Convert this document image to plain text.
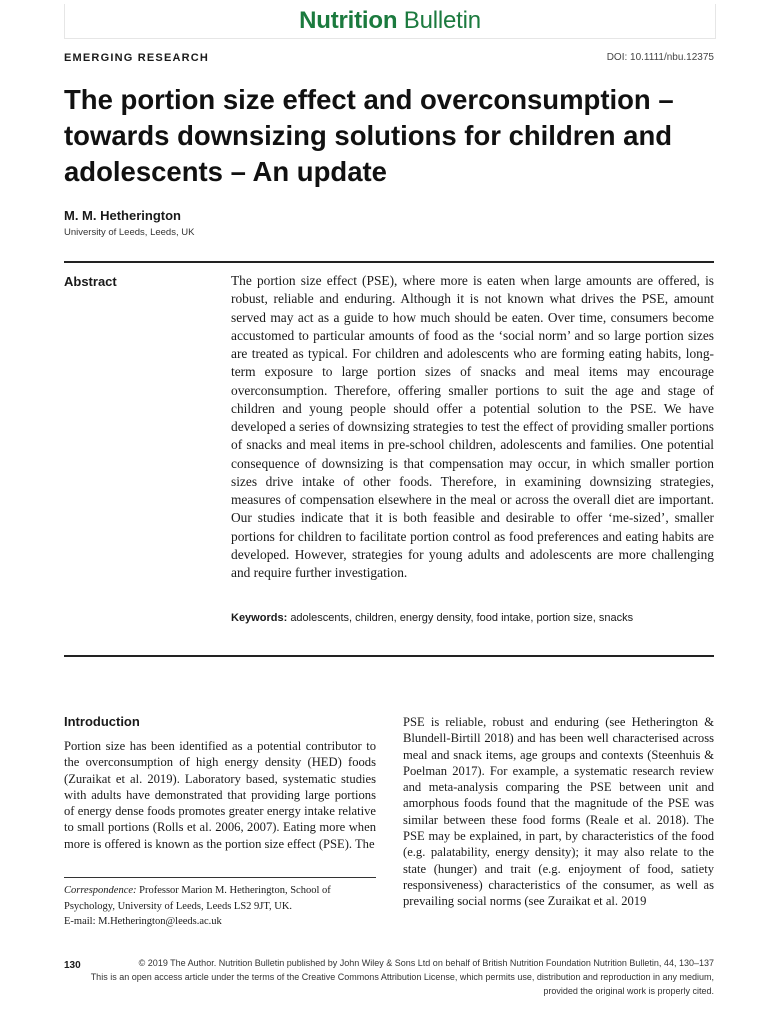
Nutrition Bulletin
EMERGING RESEARCH	DOI: 10.1111/nbu.12375
The portion size effect and overconsumption – towards downsizing solutions for children and adolescents – An update
M. M. Hetherington
University of Leeds, Leeds, UK
Abstract	The portion size effect (PSE), where more is eaten when large amounts are offered, is robust, reliable and enduring. Although it is not known what drives the PSE, amount served may act as a guide to how much should be eaten. Over time, consumers become accustomed to particular amounts of food as the ‘social norm’ and so large portion sizes are treated as typical. For children and adolescents who are forming eating habits, long-term exposure to large portion sizes of snacks and meal items may encourage overconsumption. Therefore, offering smaller portions to suit the age and stage of children and young people should offer a potential solution to the PSE. We have developed a series of downsizing strategies to test the effect of providing smaller portions of snacks and meal items in pre-school children, adolescents and families. One potential consequence of downsizing is that compensation may occur, in which smaller portion sizes drive intake of other foods. Therefore, in examining downsizing strategies, measures of compensation elsewhere in the meal or across the overall diet are important. Our studies indicate that it is both feasible and desirable to offer ‘me-sized’, smaller portions for children to facilitate portion control as food preferences and eating habits are developed. However, strategies for young adults and adolescents are more challenging and require further investigation.

Keywords: adolescents, children, energy density, food intake, portion size, snacks
Introduction

Portion size has been identified as a potential contributor to the overconsumption of high energy density (HED) foods (Zuraikat et al. 2019). Laboratory based, systematic studies with adults have demonstrated that providing large portions of energy dense foods promotes greater energy intake relative to small portions (Rolls et al. 2006, 2007). Eating more when more is offered is known as the portion size effect (PSE). The

PSE is reliable, robust and enduring (see Hetherington & Blundell-Birtill 2018) and has been well characterised across meal and snack items, age groups and contexts (Steenhuis & Poelman 2017). For example, a systematic research review and meta-analysis comparing the PSE between unit and amorphous foods found that the magnitude of the PSE was similar between these food forms (Reale et al. 2018). The PSE may be explained, in part, by characteristics of the food (e.g. palatability, energy density); it may also relate to the state (hunger) and trait (e.g. enjoyment of food, satiety responsiveness) characteristics of the consumer, as well as prevailing social norms (see Zuraikat et al. 2019

Correspondence: Professor Marion M. Hetherington, School of Psychology, University of Leeds, Leeds LS2 9JT, UK.
E-mail: M.Hetherington@leeds.ac.uk
130	© 2019 The Author. Nutrition Bulletin published by John Wiley & Sons Ltd on behalf of British Nutrition Foundation Nutrition Bulletin, 44, 130–137
This is an open access article under the terms of the Creative Commons Attribution License, which permits use, distribution and reproduction in any medium,
provided the original work is properly cited.
